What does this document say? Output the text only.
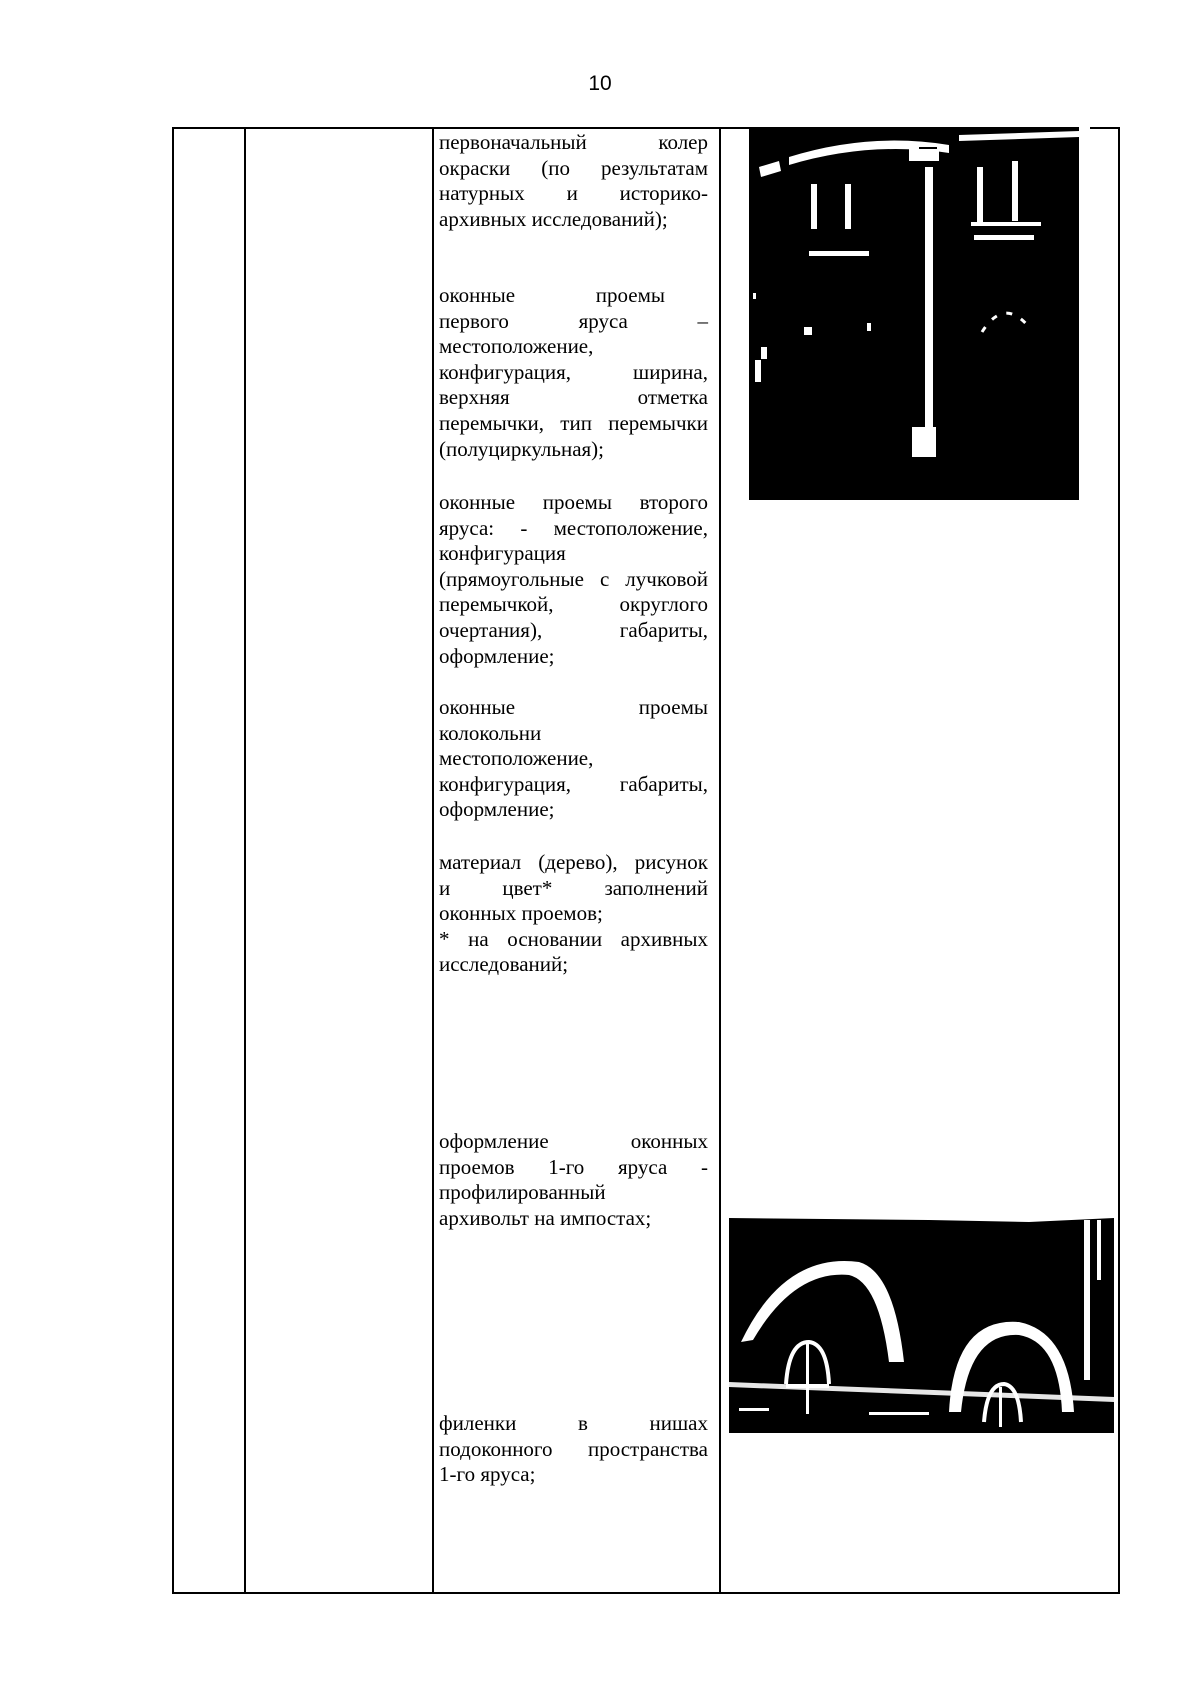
10

первоначальный колер

окраски (по результатам

натурных и историко-

архивных исследований);

оконные проемы

первого яруса –

местоположение,

конфигурация, ширина,

верхняя отметка

перемычки, тип перемычки

(полуциркульная);

оконные проемы второго

яруса: - местоположение,

конфигурация

(прямоугольные с лучковой

перемычкой, округлого

очертания), габариты,

оформление;

оконные проемы

колокольни

местоположение,

конфигурация, габариты,

оформление;

материал (дерево), рисунок

и цвет* заполнений

оконных проемов;

* на основании архивных

исследований;

оформление оконных

проемов 1-го яруса -

профилированный

архивольт на импостах;

филенки в нишах

подоконного пространства

1-го яруса;
